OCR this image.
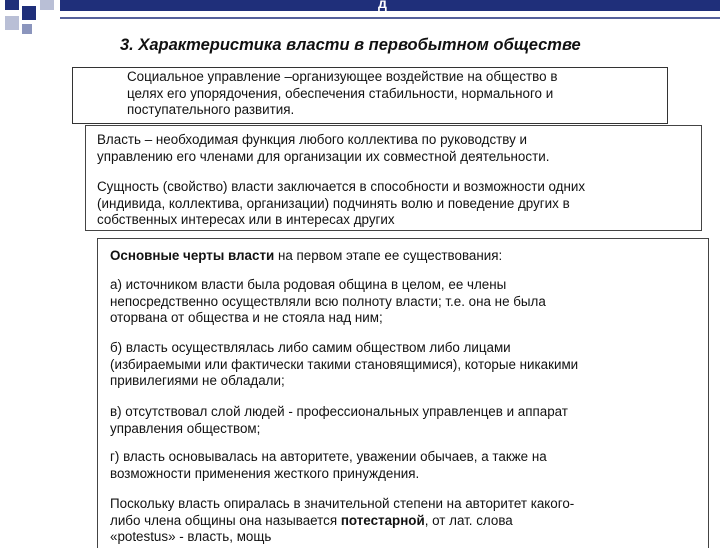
д
3. Характеристика власти в первобытном обществе
Социальное управление –организующее воздействие на общество в
целях его упорядочения, обеспечения стабильности, нормального и
поступательного развития.
Власть – необходимая функция любого коллектива по руководству и
управлению его членами для организации их совместной деятельности.
Сущность (свойство) власти заключается в способности и возможности одних
(индивида, коллектива, организации) подчинять волю и поведение других в
собственных интересах или в интересах других
Основные черты власти на первом этапе ее существования:
а) источником власти была родовая община в целом, ее члены
непосредственно осуществляли всю полноту власти; т.е. она не была
оторвана от общества и не стояла над ним;
б) власть осуществлялась либо самим обществом либо лицами
(избираемыми или фактически такими становящимися), которые никакими
привилегиями не обладали;
в) отсутствовал слой людей - профессиональных управленцев и аппарат
управления обществом;
г) власть основывалась на авторитете, уважении обычаев, а также на
возможности применения жесткого принуждения.
Поскольку власть опиралась в значительной степени на авторитет какого-
либо члена общины она называется потестарной, от лат. слова
«potestus» - власть, мощь
